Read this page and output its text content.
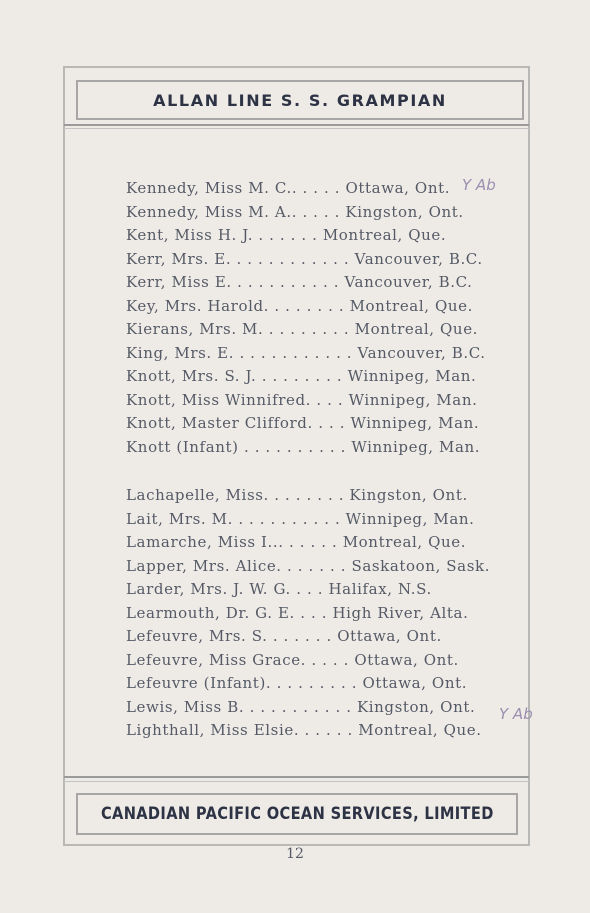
ALLAN LINE S. S. GRAMPIAN
Kennedy, Miss M. C.. . . . . Ottawa, Ont.
Kennedy, Miss M. A.. . . . . Kingston, Ont.
Kent, Miss H. J. . . . . . . Montreal, Que.
Kerr, Mrs. E. . . . . . . . . . . . Vancouver, B.C.
Kerr, Miss E. . . . . . . . . . . Vancouver, B.C.
Key, Mrs. Harold. . . . . . . . Montreal, Que.
Kierans, Mrs. M. . . . . . . . . Montreal, Que.
King, Mrs. E. . . . . . . . . . . . Vancouver, B.C.
Knott, Mrs. S. J. . . . . . . . . Winnipeg, Man.
Knott, Miss Winnifred. . . . Winnipeg, Man.
Knott, Master Clifford. . . . Winnipeg, Man.
Knott (Infant) . . . . . . . . . . Winnipeg, Man.
Y Ab
Lachapelle, Miss. . . . . . . . Kingston, Ont.
Lait, Mrs. M. . . . . . . . . . . Winnipeg, Man.
Lamarche, Miss I... . . . . . Montreal, Que.
Lapper, Mrs. Alice. . . . . . . Saskatoon, Sask.
Larder, Mrs. J. W. G. . . . Halifax, N.S.
Learmouth, Dr. G. E. . . . High River, Alta.
Lefeuvre, Mrs. S. . . . . . . Ottawa, Ont.
Lefeuvre, Miss Grace. . . . . Ottawa, Ont.
Lefeuvre (Infant). . . . . . . . . Ottawa, Ont.
Lewis, Miss B. . . . . . . . . . . Kingston, Ont.
Lighthall, Miss Elsie. . . . . . Montreal, Que.
Y Ab
CANADIAN PACIFIC OCEAN SERVICES, LIMITED
12
